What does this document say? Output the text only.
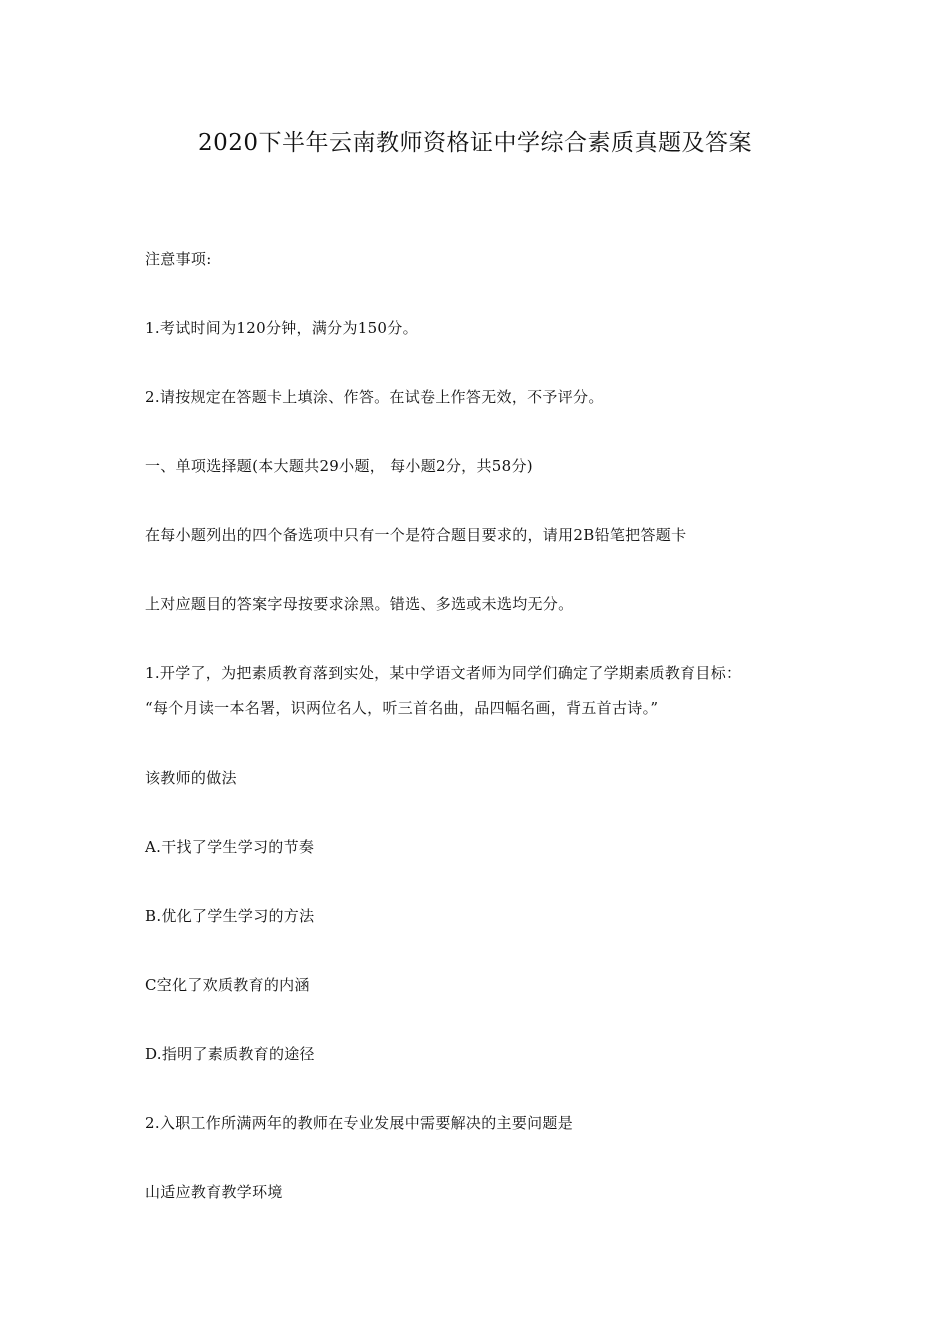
2020下半年云南教师资格证中学综合素质真题及答案

注意事项:

1.考试时间为120分钟，满分为150分。

2.请按规定在答题卡上填涂、作答。在试卷上作答无效，不予评分。

一、单项选择题(本大题共29小题， 每小题2分，共58分)

在每小题列出的四个备选项中只有一个是符合题目要求的，请用2B铅笔把答题卡

上对应题目的答案字母按要求涂黑。错选、多选或未选均无分。

1.开学了，为把素质教育落到实处，某中学语文者师为同学们确定了学期素质教育目标：

“每个月读一本名署，识两位名人，听三首名曲，品四幅名画，背五首古诗。”

该教师的做法

A.干找了学生学习的节奏

B.优化了学生学习的方法

C空化了欢质教育的内涵

D.指明了素质教育的途径

2.入职工作所满两年的教师在专业发展中需要解决的主要问题是

山适应教育教学环境
